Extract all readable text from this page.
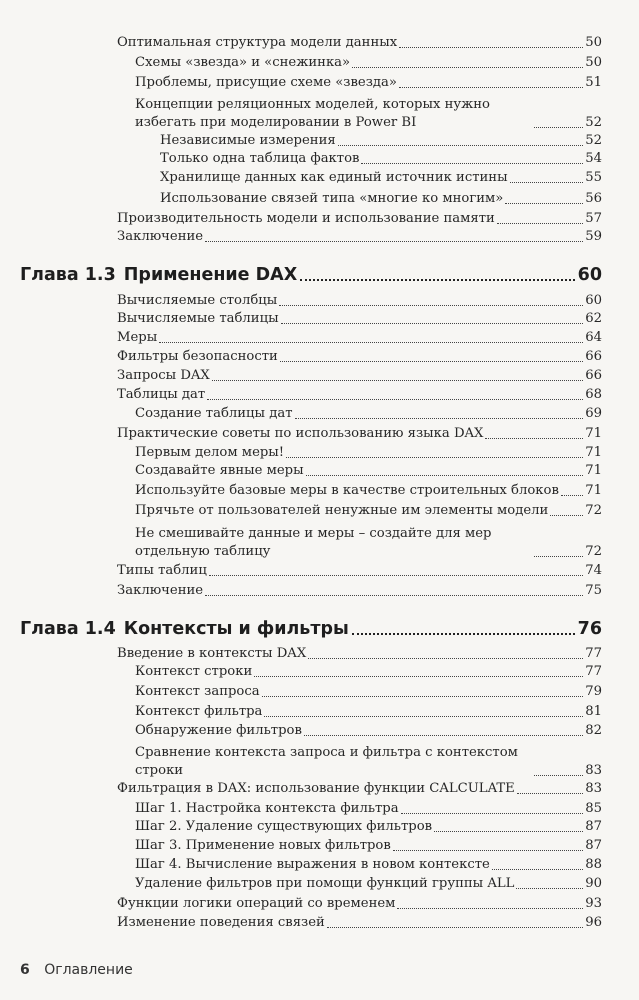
Оптимальная структура модели данных	50
Схемы «звезда» и «снежинка»	50
Проблемы, присущие схеме «звезда»	51
Концепции реляционных моделей, которых нужно избегать при моделировании в Power BI	52
Независимые измерения	52
Только одна таблица фактов	54
Хранилище данных как единый источник истины	55
Использование связей типа «многие ко многим»	56
Производительность модели и использование памяти	57
Заключение	59
Глава 1.3 Применение DAX	60
Вычисляемые столбцы	60
Вычисляемые таблицы	62
Меры	64
Фильтры безопасности	66
Запросы DAX	66
Таблицы дат	68
Создание таблицы дат	69
Практические советы по использованию языка DAX	71
Первым делом меры!	71
Создавайте явные меры	71
Используйте базовые меры в качестве строительных блоков 71
Прячьте от пользователей ненужные им элементы модели	72
Не смешивайте данные и меры – создайте для мер отдельную таблицу	72
Типы таблиц	74
Заключение	75
Глава 1.4 Контексты и фильтры	76
Введение в контексты DAX	77
Контекст строки	77
Контекст запроса	79
Контекст фильтра	81
Обнаружение фильтров	82
Сравнение контекста запроса и фильтра с контекстом строки	83
Фильтрация в DAX: использование функции CALCULATE	83
Шаг 1. Настройка контекста фильтра	85
Шаг 2. Удаление существующих фильтров	87
Шаг 3. Применение новых фильтров	87
Шаг 4. Вычисление выражения в новом контексте	88
Удаление фильтров при помощи функций группы ALL	90
Функции логики операций со временем	93
Изменение поведения связей	96
6 Оглавление
